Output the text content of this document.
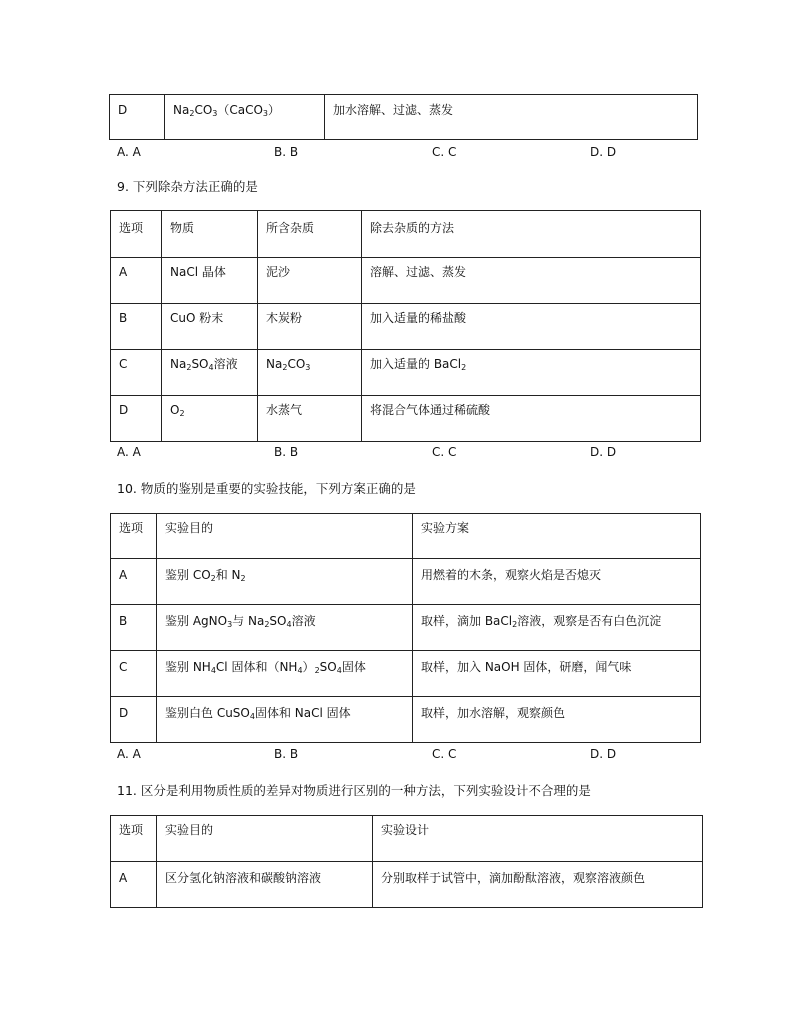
D	$Na_2CO_3(CaCO_3)$	加水溶解、过滤、蒸发
A. A	B. B	C. C	D. D
9. 下列除杂方法正确的是
选项	物质	所含杂质	除去杂质的方法
A	NaCl 晶体	泥沙	溶解、过滤、蒸发
B	CuO 粉末	木炭粉	加入适量的稀盐酸
C	$Na_2SO_4$溶液	$Na_2CO_3$	加入适量的 BaCl$_2$
D	$O_2$	水蒸气	将混合气体通过稀硫酸
A. A	B. B	C. C	D. D
10. 物质的鉴别是重要的实验技能，下列方案正确的是
选项	实验目的	实验方案
A	鉴别 $CO_2$和 $N_2$	用燃着的木条，观察火焰是否熄灭
B	鉴别 AgNO$_3$与 $Na_2SO_4$溶液	取样，滴加 BaCl$_2$溶液，观察是否有白色沉淀
C	鉴别 $NH_4Cl$ 固体和$(NH_4)_2SO_4$固体	取样，加入 NaOH 固体，研磨，闻气味
D	鉴别白色 CuSO$_4$固体和 NaCl 固体	取样，加水溶解，观察颜色
A. A	B. B	C. C	D. D
11. 区分是利用物质性质的差异对物质进行区别的一种方法，下列实验设计不合理的是
选项	实验目的	实验设计
A	区分氢化钠溶液和碳酸钠溶液	分别取样于试管中，滴加酚酞溶液，观察溶液颜色
